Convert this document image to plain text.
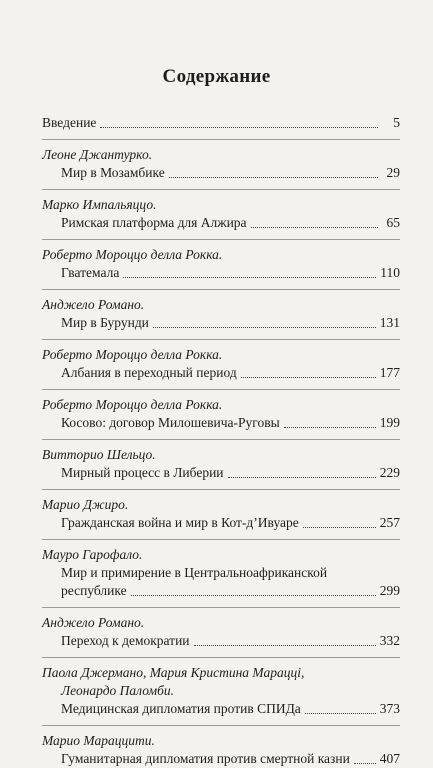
Содержание
Введение	5
Леоне Джантурко.
Мир в Мозамбике	29
Марко Импальяццо.
Римская платформа для Алжира	65
Роберто Мороццо делла Рокка.
Гватемала	110
Анджело Романо.
Мир в Бурунди	131
Роберто Мороццо делла Рокка.
Албания в переходный период	177
Роберто Мороццо делла Рокка.
Косово: договор Милошевича-Руговы	199
Витторио Шельцо.
Мирный процесс в Либерии	229
Марио Джиро.
Гражданская война и мир в Кот-д’Ивуаре	257
Мауро Гарофало.
Мир и примирение в Центральноафриканской
республике	299
Анджело Романо.
Переход к демократии	332
Паола Джермано, Мария Кристина Мараццi,
Леонардо Паломби.
Медицинская дипломатия против СПИДа	373
Марио Мараццити.
Гуманитарная дипломатия против смертной казни 407
